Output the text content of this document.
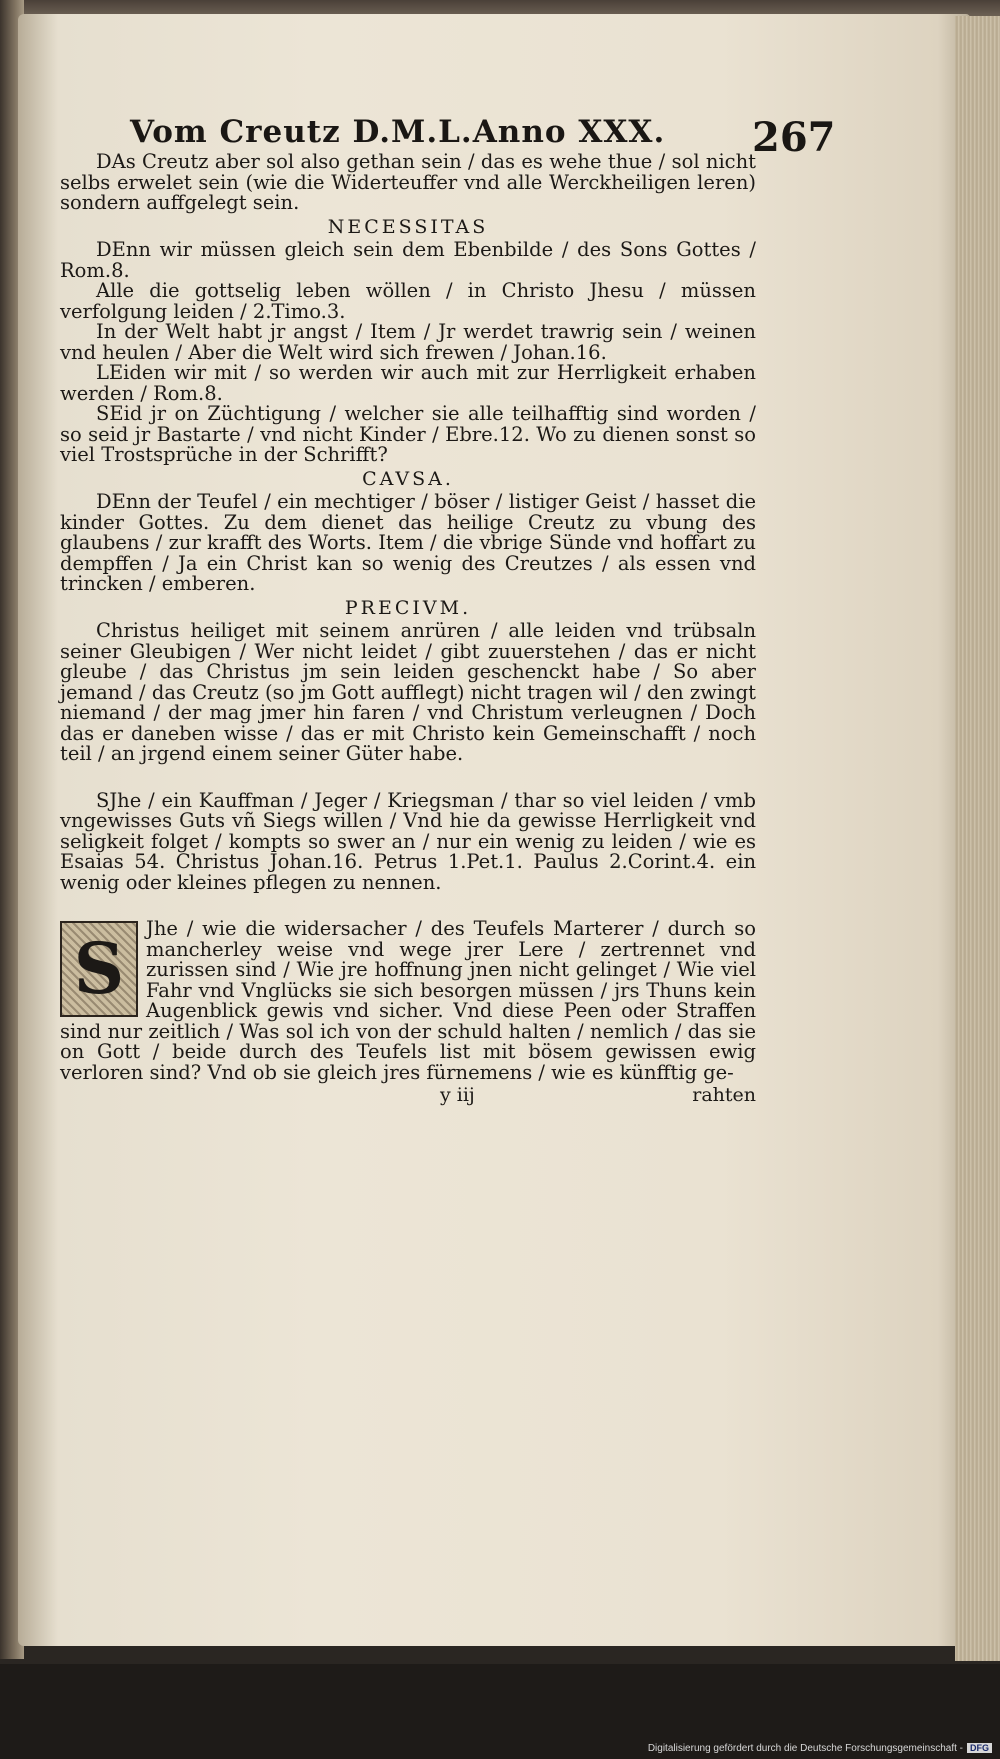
Vom Creutz D.M.L.Anno XXX. 267

DAs Creutz aber sol also gethan sein / das es wehe thue / sol nicht selbs erwelet sein (wie die Widerteuffer vnd alle Werckheiligen leren) sondern auffgelegt sein.

NECESSITAS

DEnn wir müssen gleich sein dem Ebenbilde / des Sons Gottes / Rom.8.

Alle die gottselig leben wöllen / in Christo Jhesu / müssen verfolgung leiden / 2.Timo.3.

In der Welt habt jr angst / Item / Jr werdet trawrig sein / weinen vnd heulen / Aber die Welt wird sich frewen / Johan.16.

LEiden wir mit / so werden wir auch mit zur Herrligkeit erhaben werden / Rom.8.

SEid jr on Züchtigung / welcher sie alle teilhafftig sind worden / so seid jr Bastarte / vnd nicht Kinder / Ebre.12. Wo zu dienen sonst so viel Trostsprüche in der Schrifft?

CAVSA.

DEnn der Teufel / ein mechtiger / böser / listiger Geist / hasset die kinder Gottes. Zu dem dienet das heilige Creutz zu vbung des glaubens / zur krafft des Worts. Item / die vbrige Sünde vnd hoffart zu dempffen / Ja ein Christ kan so wenig des Creutzes / als essen vnd trincken / emberen.

PRECIVM.

Christus heiliget mit seinem anrüren / alle leiden vnd trübsaln seiner Gleubigen / Wer nicht leidet / gibt zuuerstehen / das er nicht gleube / das Christus jm sein leiden geschenckt habe / So aber jemand / das Creutz (so jm Gott aufflegt) nicht tragen wil / den zwingt niemand / der mag jmer hin faren / vnd Christum verleugnen / Doch das er daneben wisse / das er mit Christo kein Gemeinschafft / noch teil / an jrgend einem seiner Güter habe.

SJhe / ein Kauffman / Jeger / Kriegsman / thar so viel leiden / vmb vngewisses Guts vñ Siegs willen / Vnd hie da gewisse Herrligkeit vnd seligkeit folget / kompts so swer an / nur ein wenig zu leiden / wie es Esaias 54. Christus Johan.16. Petrus 1.Pet.1. Paulus 2.Corint.4. ein wenig oder kleines pflegen zu nennen.

S	Jhe / wie die widersacher / des Teufels Marterer / durch so mancherley weise vnd wege jrer Lere / zertrennet vnd zurissen sind / Wie jre hoffnung jnen nicht gelinget / Wie viel Fahr vnd Vnglücks sie sich besorgen müssen / jrs Thuns kein Augenblick gewis vnd sicher. Vnd diese Peen oder Straffen sind nur zeitlich / Was sol ich von der schuld halten / nemlich / das sie on Gott / beide durch des Teufels list mit bösem gewissen ewig verloren sind? Vnd ob sie gleich jres fürnemens / wie es künfftig ge-

y iij	rahten
Digitalisierung gefördert durch die Deutsche Forschungsgemeinschaft - DFG
